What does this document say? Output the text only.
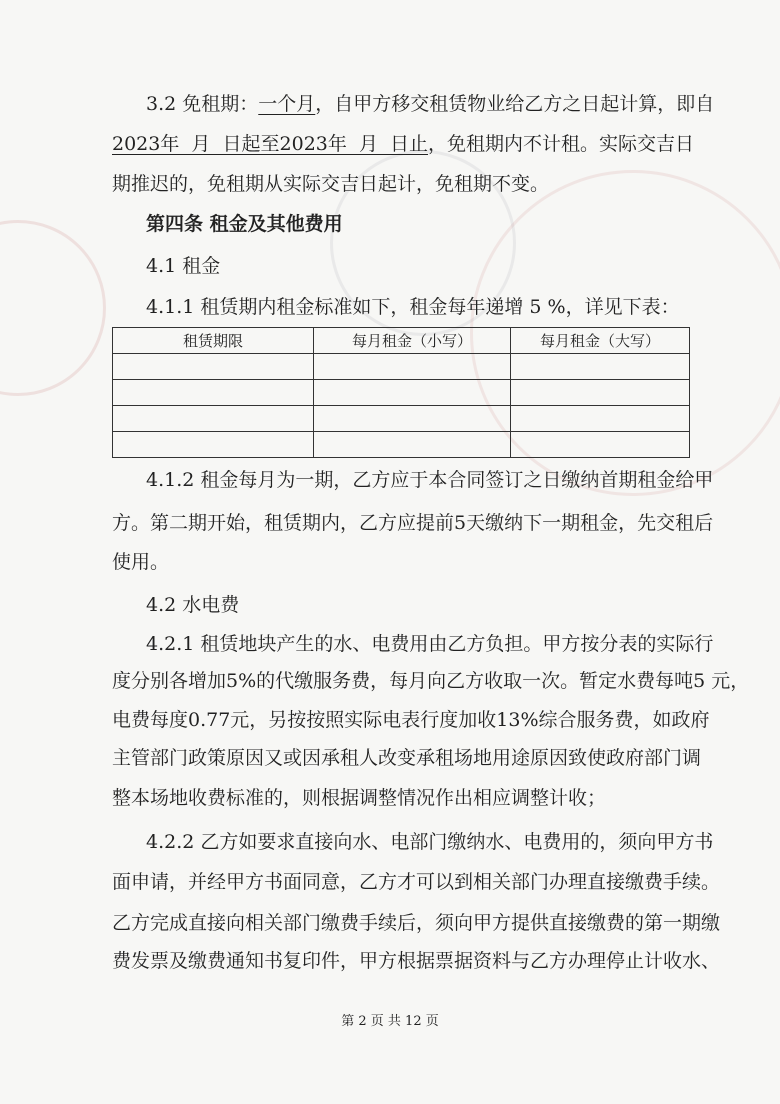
​
3.2 免租期：一个月，自甲方移交租赁物业给乙方之日起计算，即自
2023年  月  日起至2023年  月  日止，免租期内不计租。实际交吉日
期推迟的，免租期从实际交吉日起计，免租期不变。
第四条 租金及其他费用
4.1 租金
4.1.1 租赁期内租金标准如下，租金每年递增 5 %，详见下表：
租赁期限	每月租金（小写）	每月租金（大写）

4.1.2 租金每月为一期，乙方应于本合同签订之日缴纳首期租金给甲
方。第二期开始，租赁期内，乙方应提前5天缴纳下一期租金，先交租后
使用。
4.2 水电费
4.2.1 租赁地块产生的水、电费用由乙方负担。甲方按分表的实际行
度分别各增加5%的代缴服务费，每月向乙方收取一次。暂定水费每吨5 元，
电费每度0.77元，另按按照实际电表行度加收13%综合服务费，如政府
主管部门政策原因又或因承租人改变承租场地用途原因致使政府部门调
整本场地收费标准的，则根据调整情况作出相应调整计收；
4.2.2 乙方如要求直接向水、电部门缴纳水、电费用的，须向甲方书
面申请，并经甲方书面同意，乙方才可以到相关部门办理直接缴费手续。
乙方完成直接向相关部门缴费手续后，须向甲方提供直接缴费的第一期缴
费发票及缴费通知书复印件，甲方根据票据资料与乙方办理停止计收水、
第 2 页 共 12 页
